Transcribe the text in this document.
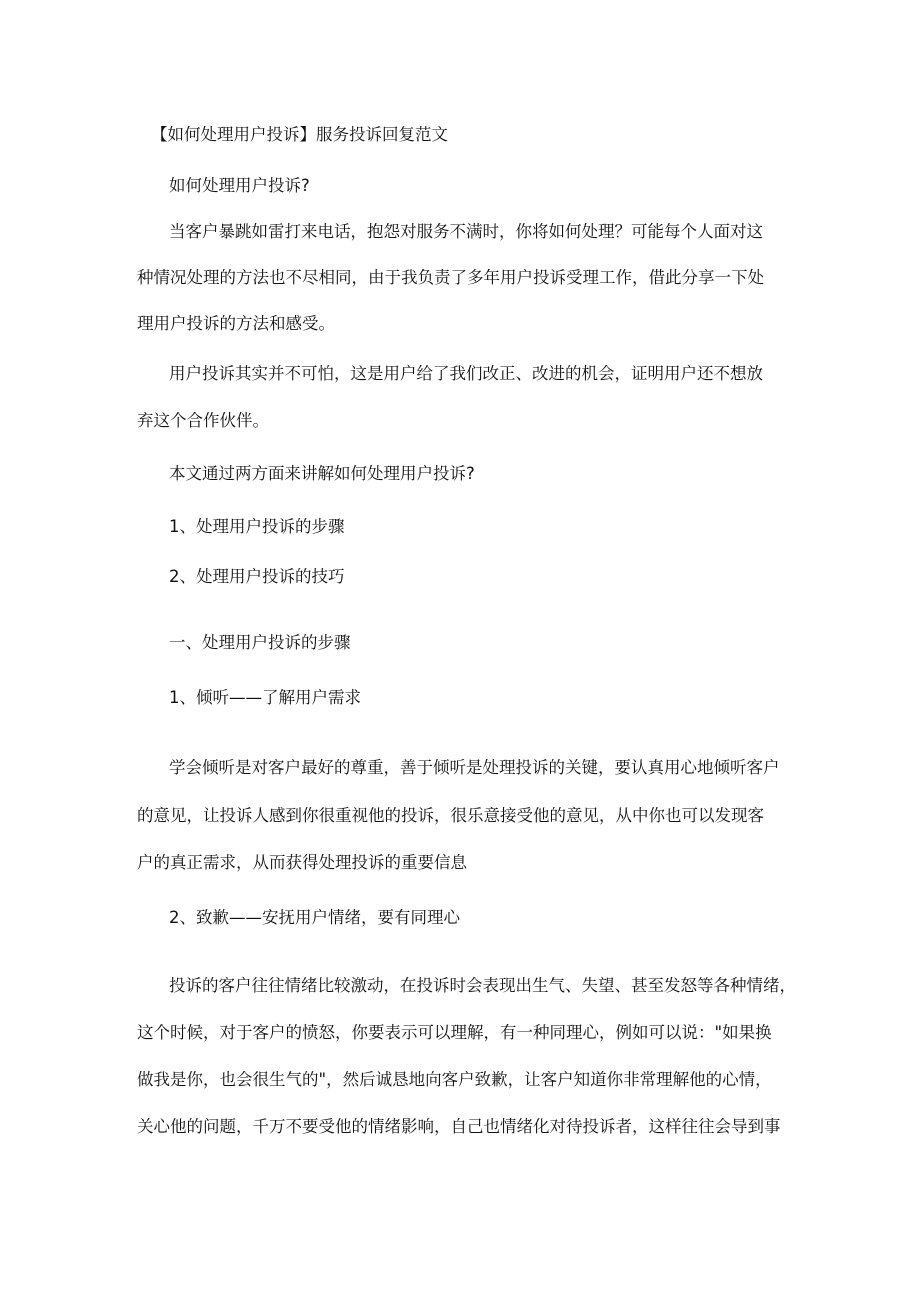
【如何处理用户投诉】服务投诉回复范文

如何处理用户投诉?

当客户暴跳如雷打来电话，抱怨对服务不满时，你将如何处理？可能每个人面对这

种情况处理的方法也不尽相同，由于我负责了多年用户投诉受理工作，借此分享一下处

理用户投诉的方法和感受。

用户投诉其实并不可怕，这是用户给了我们改正、改进的机会，证明用户还不想放

弃这个合作伙伴。

本文通过两方面来讲解如何处理用户投诉?

1、处理用户投诉的步骤

2、处理用户投诉的技巧

一、处理用户投诉的步骤

1、倾听——了解用户需求

学会倾听是对客户最好的尊重，善于倾听是处理投诉的关键，要认真用心地倾听客户

的意见，让投诉人感到你很重视他的投诉，很乐意接受他的意见，从中你也可以发现客

户的真正需求，从而获得处理投诉的重要信息

2、致歉——安抚用户情绪，要有同理心

投诉的客户往往情绪比较激动，在投诉时会表现出生气、失望、甚至发怒等各种情绪，

这个时候，对于客户的愤怒，你要表示可以理解，有一种同理心，例如可以说："如果换

做我是你，也会很生气的"，然后诚恳地向客户致歉，让客户知道你非常理解他的心情，

关心他的问题，千万不要受他的情绪影响，自己也情绪化对待投诉者，这样往往会导到事
